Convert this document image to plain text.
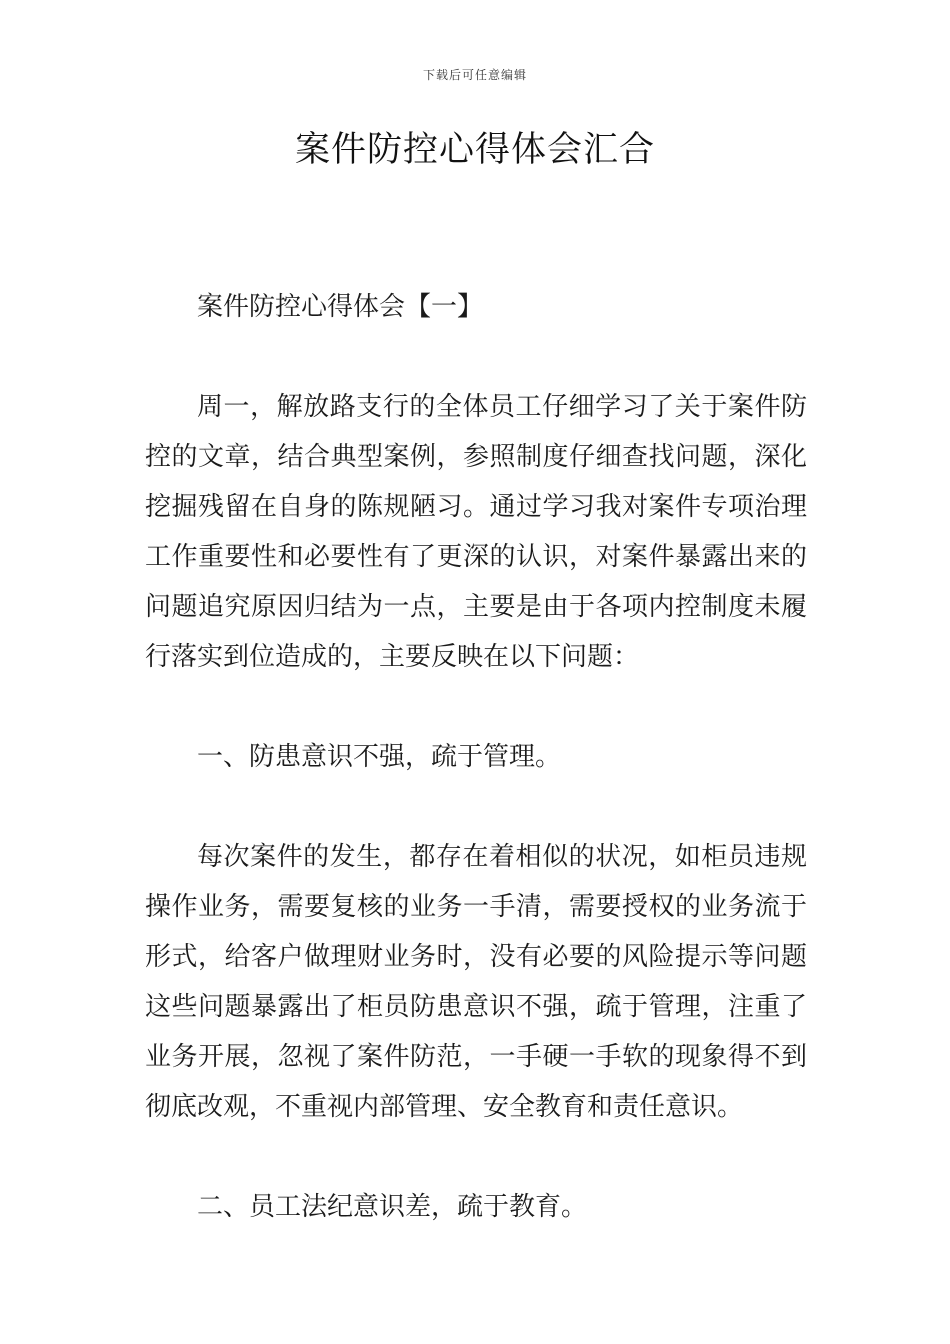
下载后可任意编辑
案件防控心得体会汇合

案件防控心得体会【一】

周一，解放路支行的全体员工仔细学习了关于案件防控的文章，结合典型案例，参照制度仔细查找问题，深化挖掘残留在自身的陈规陋习。通过学习我对案件专项治理工作重要性和必要性有了更深的认识，对案件暴露出来的问题追究原因归结为一点，主要是由于各项内控制度未履行落实到位造成的，主要反映在以下问题：

一、防患意识不强，疏于管理。

每次案件的发生，都存在着相似的状况，如柜员违规操作业务，需要复核的业务一手清，需要授权的业务流于形式，给客户做理财业务时，没有必要的风险提示等问题这些问题暴露出了柜员防患意识不强，疏于管理，注重了业务开展，忽视了案件防范，一手硬一手软的现象得不到彻底改观，不重视内部管理、安全教育和责任意识。

二、员工法纪意识差，疏于教育。
